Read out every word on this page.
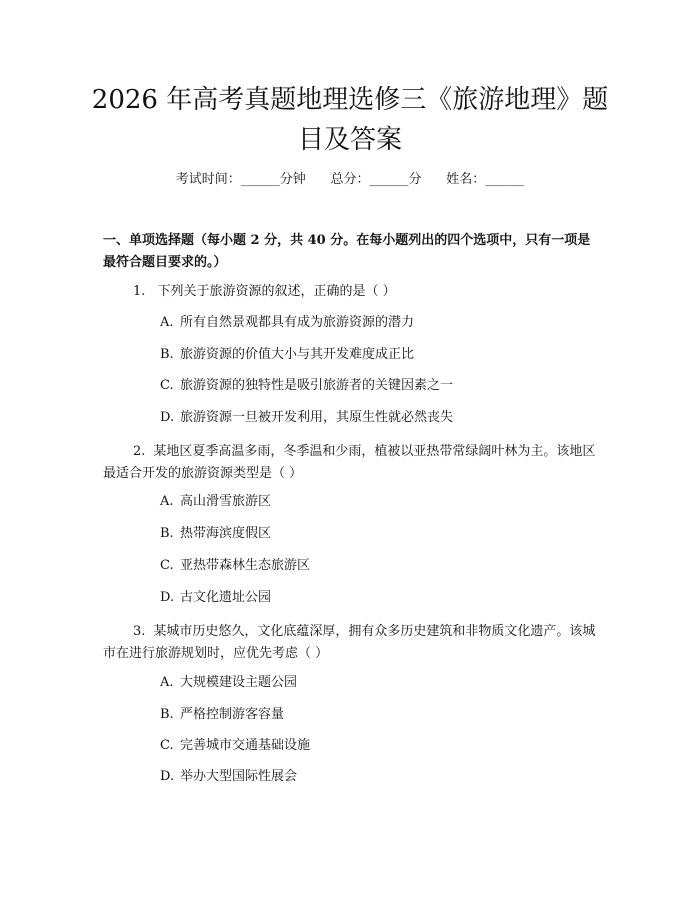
2026 年高考真题地理选修三《旅游地理》题
目及答案
考试时间：______分钟      总分：______分      姓名：______
一、单项选择题（每小题 2 分，共 40 分。在每小题列出的四个选项中，只有一项是最符合题目要求的。）
1. 下列关于旅游资源的叙述，正确的是（ ）
A. 所有自然景观都具有成为旅游资源的潜力
B. 旅游资源的价值大小与其开发难度成正比
C. 旅游资源的独特性是吸引旅游者的关键因素之一
D. 旅游资源一旦被开发利用，其原生性就必然丧失
2. 某地区夏季高温多雨，冬季温和少雨，植被以亚热带常绿阔叶林为主。该地区最适合开发的旅游资源类型是（ ）
A. 高山滑雪旅游区
B. 热带海滨度假区
C. 亚热带森林生态旅游区
D. 古文化遗址公园
3. 某城市历史悠久，文化底蕴深厚，拥有众多历史建筑和非物质文化遗产。该城市在进行旅游规划时，应优先考虑（ ）
A. 大规模建设主题公园
B. 严格控制游客容量
C. 完善城市交通基础设施
D. 举办大型国际性展会
